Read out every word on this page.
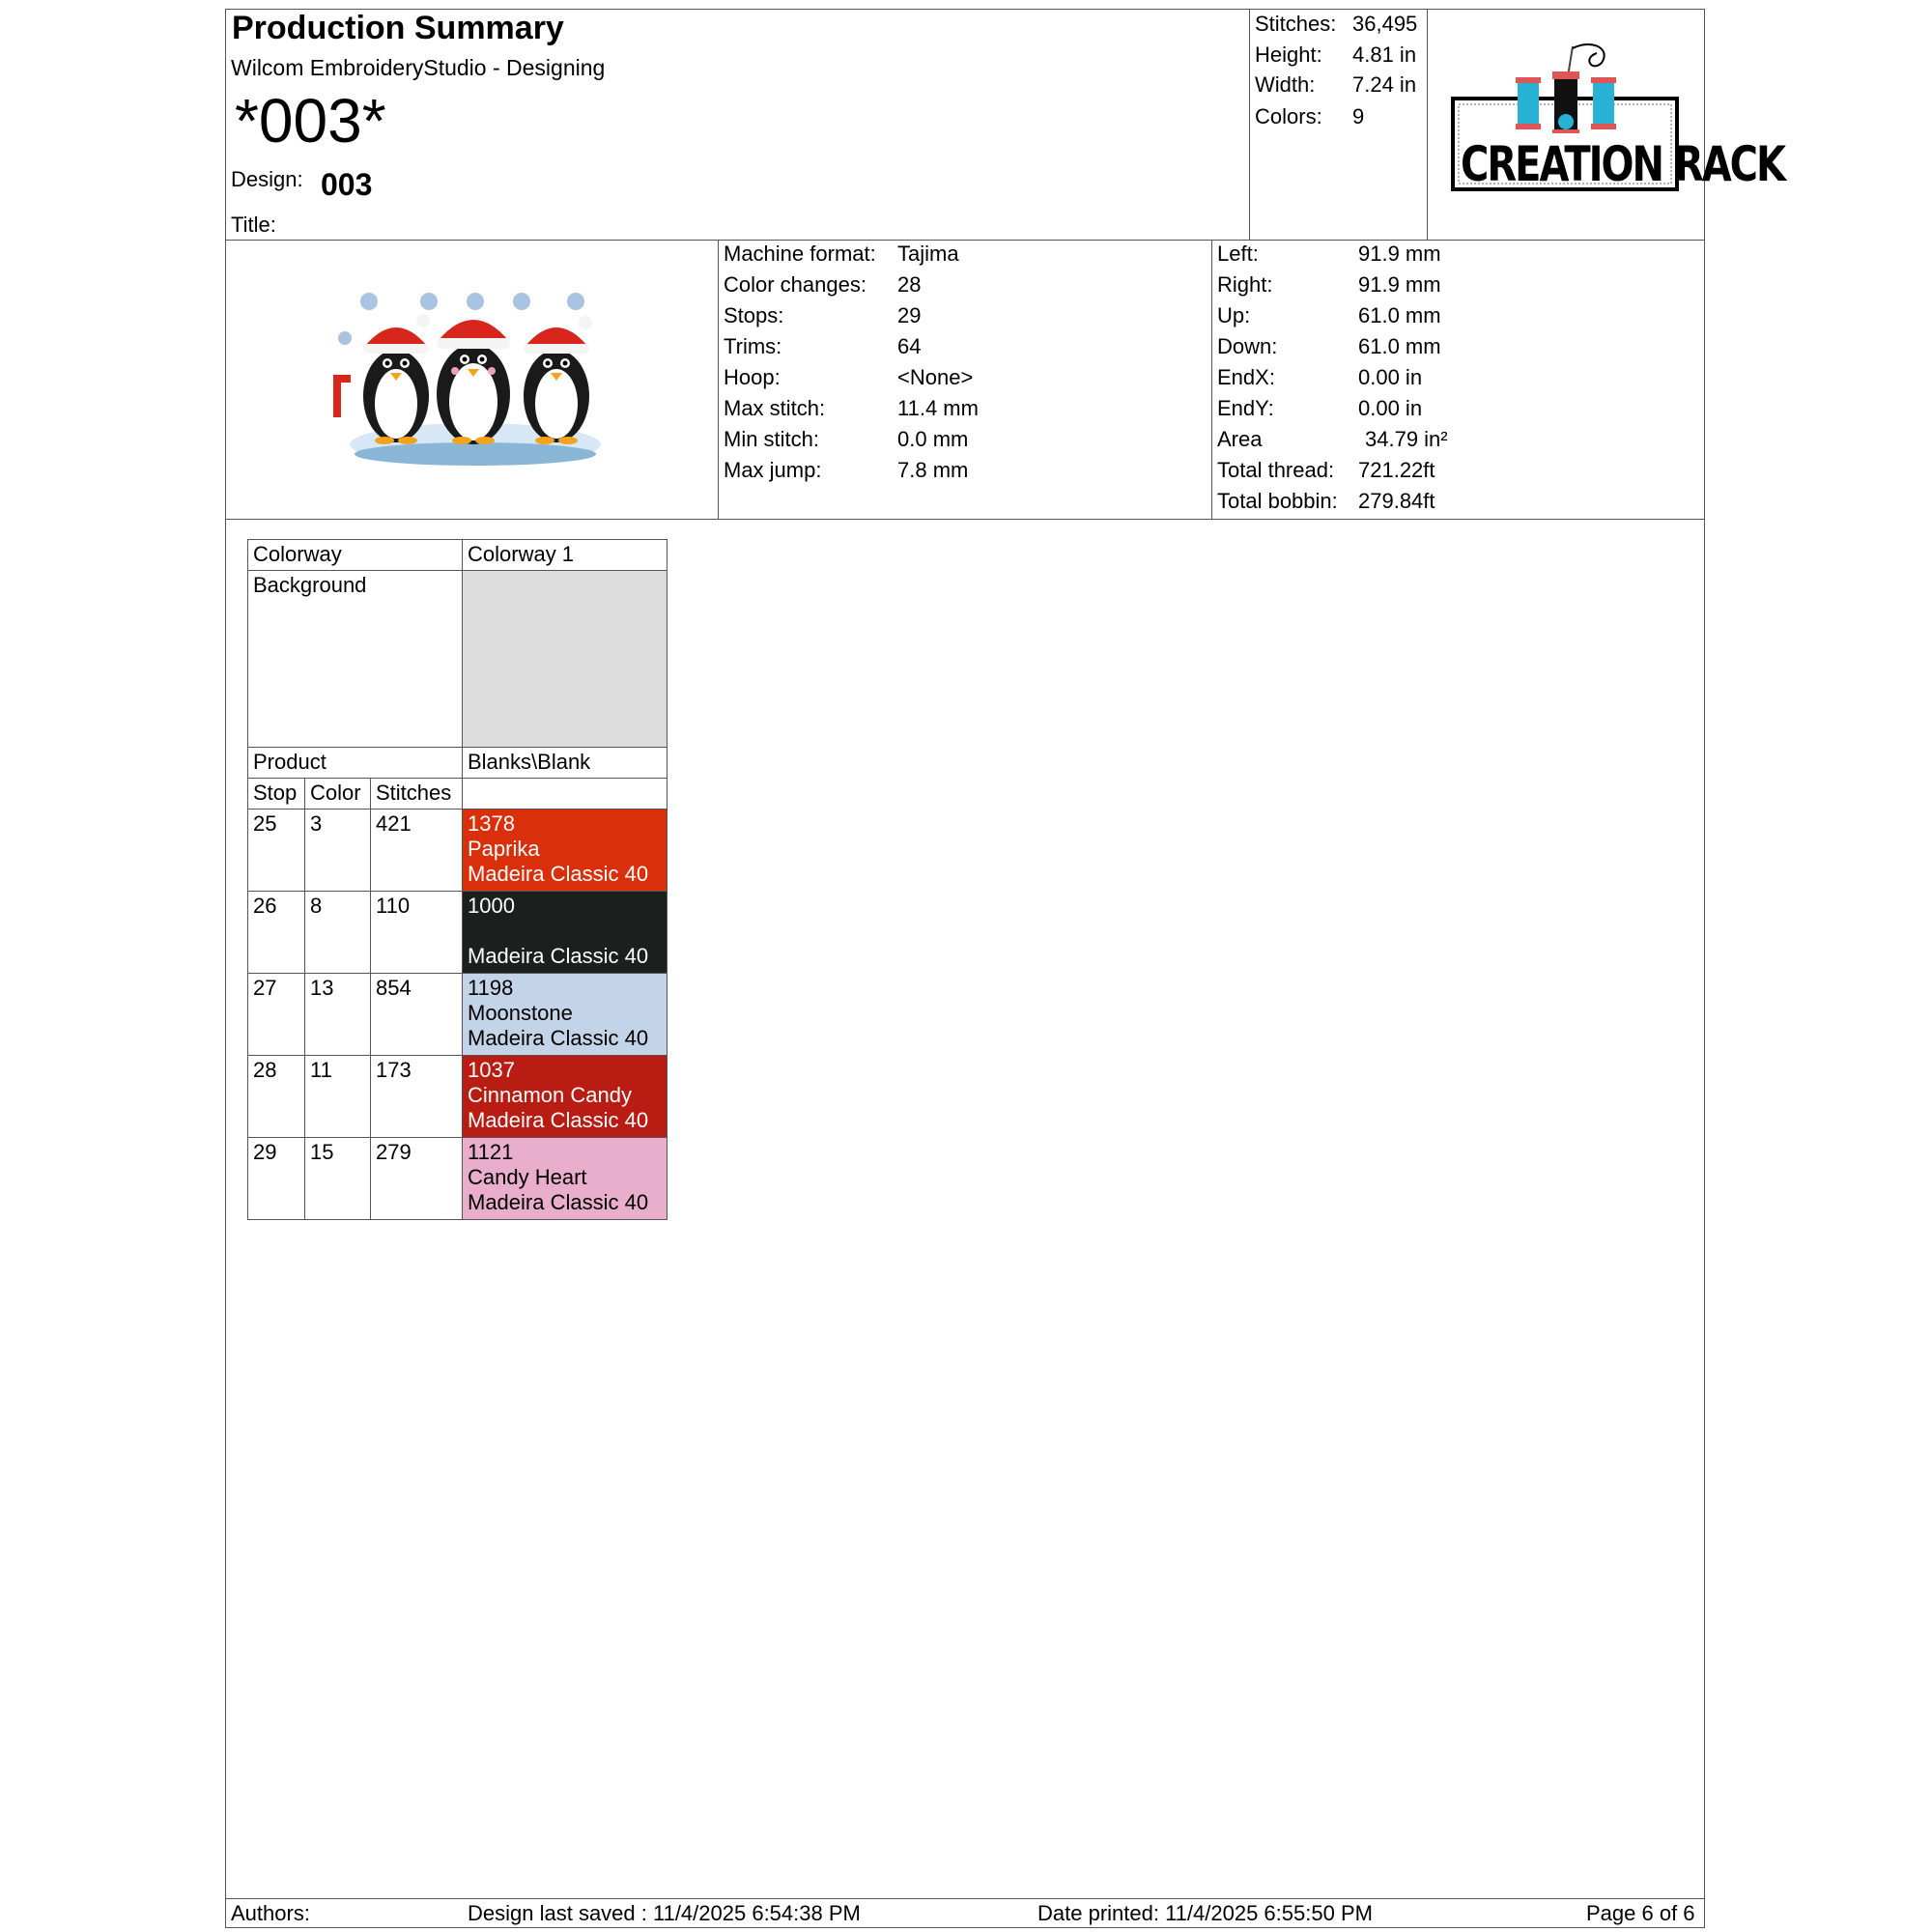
Production Summary
Wilcom EmbroideryStudio - Designing
*003*
Design: 003
Title:
Stitches: 36,495
Height: 4.81 in
Width: 7.24 in
Colors: 9
CREATION RACK
Machine format: Tajima
Color changes: 28
Stops:	29
Trims:	64
Hoop:	<None>
Max stitch:	11.4 mm
Min stitch:	0.0 mm
Max jump:	7.8 mm
Left:	91.9 mm
Right:	91.9 mm
Up:	61.0 mm
Down:	61.0 mm
EndX:	0.00 in
EndY:	0.00 in
Area	34.79 in²
Total thread: 721.22ft
Total bobbin: 279.84ft
Colorway			Colorway 1
Background			
Product			Blanks\Blank
Stop	Color	Stitches	
25	3	421	1378
Paprika
Madeira Classic 40

26	8	110	1000
Madeira Classic 40

27	13	854	1198
Moonstone
Madeira Classic 40

28	11	173	1037
Cinnamon Candy
Madeira Classic 40

29	15	279	1121
Candy Heart
Madeira Classic 40
Authors:	Design last saved : 11/4/2025 6:54:38 PM	Date printed: 11/4/2025 6:55:50 PM	Page 6 of 6
